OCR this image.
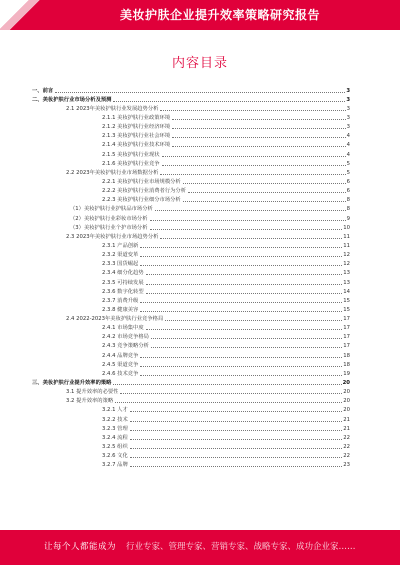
美妆护肤企业提升效率策略研究报告
内容目录
一、前言	3
二、美妆护肤行业市场分析及预测	3
2.1 2023年美妆护肤行业发展趋势分析	3
2.1.1 美妆护肤行业政策环境	3
2.1.2 美妆护肤行业经济环境	3
2.1.3 美妆护肤行业社会环境	4
2.1.4 美妆护肤行业技术环境	4
2.1.5 美妆护肤行业现状	4
2.1.6 美妆护肤行业竞争	5
2.2 2023年美妆护肤行业市场数据分析	5
2.2.1 美妆护肤行业市场规模分析	6
2.2.2 美妆护肤行业消费者行为分析	6
2.2.3 美妆护肤行业细分市场分析	8
（1）美妆护肤行业护肤品市场分析	8
（2）美妆护肤行业彩妆市场分析	9
（3）美妆护肤行业个护市场分析	10
2.3 2023年美妆护肤行业市场趋势分析	11
2.3.1 产品创新	11
2.3.2 渠道变革	12
2.3.3 国货崛起	12
2.3.4 细分化趋势	13
2.3.5 可持续发展	13
2.3.6 数字化转型	14
2.3.7 消费升级	15
2.3.8 健康美容	15
2.4 2022-2023年美妆护肤行业竞争格局	17
2.4.1 市场集中度	17
2.4.2 市场竞争格局	17
2.4.3 竞争策略分析	17
2.4.4 品牌竞争	18
2.4.5 渠道竞争	18
2.4.6 技术竞争	19
三、美妆护肤行业提升效率的策略	20
3.1 提升效率的必要性	20
3.2 提升效率的策略	20
3.2.1 人才	20
3.2.2 技术	21
3.2.3 管理	21
3.2.4 流程	22
3.2.5 组织	22
3.2.6 文化	22
3.2.7 品牌	23
让每个人都能成为 行业专家、管理专家、营销专家、战略专家、成功企业家……
